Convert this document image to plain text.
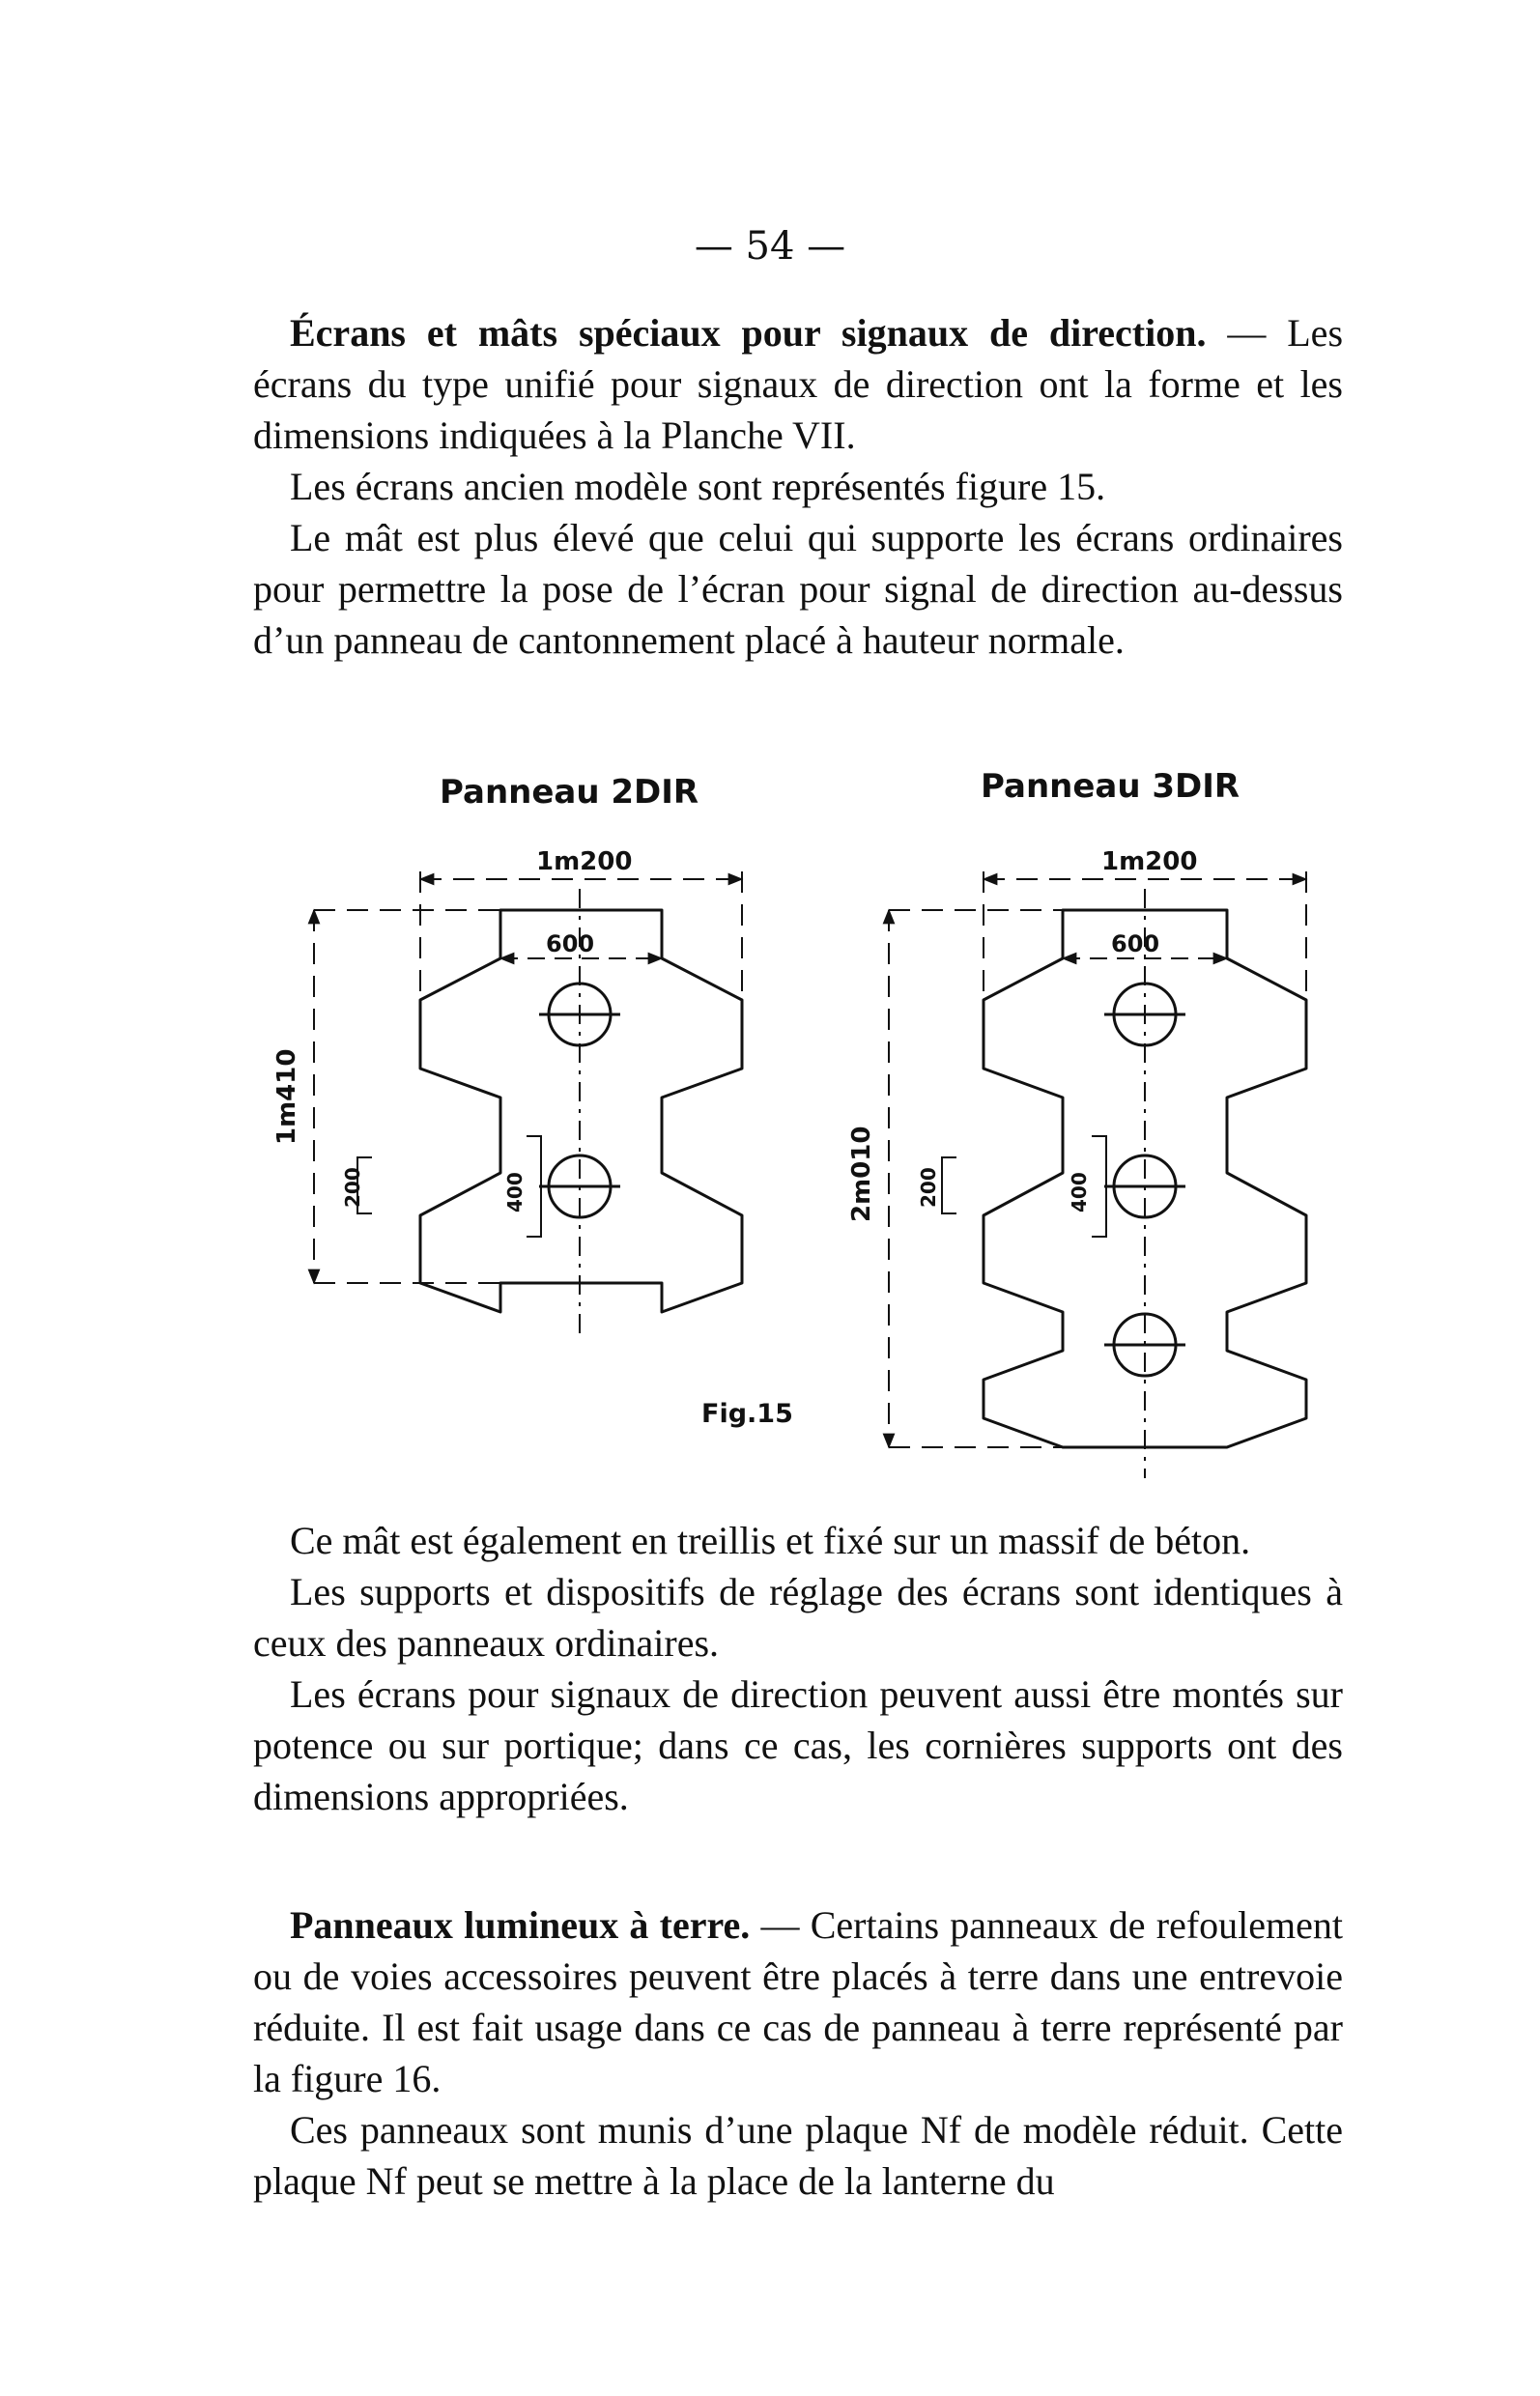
— 54 —

Écrans et mâts spéciaux pour signaux de direction. — Les écrans du type unifié pour signaux de direction ont la forme et les dimensions indiquées à la Planche VII.

Les écrans ancien modèle sont représentés figure 15.

Le mât est plus élevé que celui qui supporte les écrans ordinaires pour permettre la pose de l’écran pour signal de direction au-dessus d’un panneau de cantonnement placé à hauteur normale.

Panneau 2DIR	Panneau 3DIR
Fig.15
1m200
600
1m410
200	400
1m200
600
2m010 200	400

Ce mât est également en treillis et fixé sur un massif de béton.

Les supports et dispositifs de réglage des écrans sont identiques à ceux des panneaux ordinaires.

Les écrans pour signaux de direction peuvent aussi être montés sur potence ou sur portique; dans ce cas, les cornières supports ont des dimensions appropriées.

Panneaux lumineux à terre. — Certains panneaux de refoulement ou de voies accessoires peuvent être placés à terre dans une entrevoie réduite. Il est fait usage dans ce cas de panneau à terre représenté par la figure 16.

Ces panneaux sont munis d’une plaque Nf de modèle réduit. Cette plaque Nf peut se mettre à la place de la lanterne du
